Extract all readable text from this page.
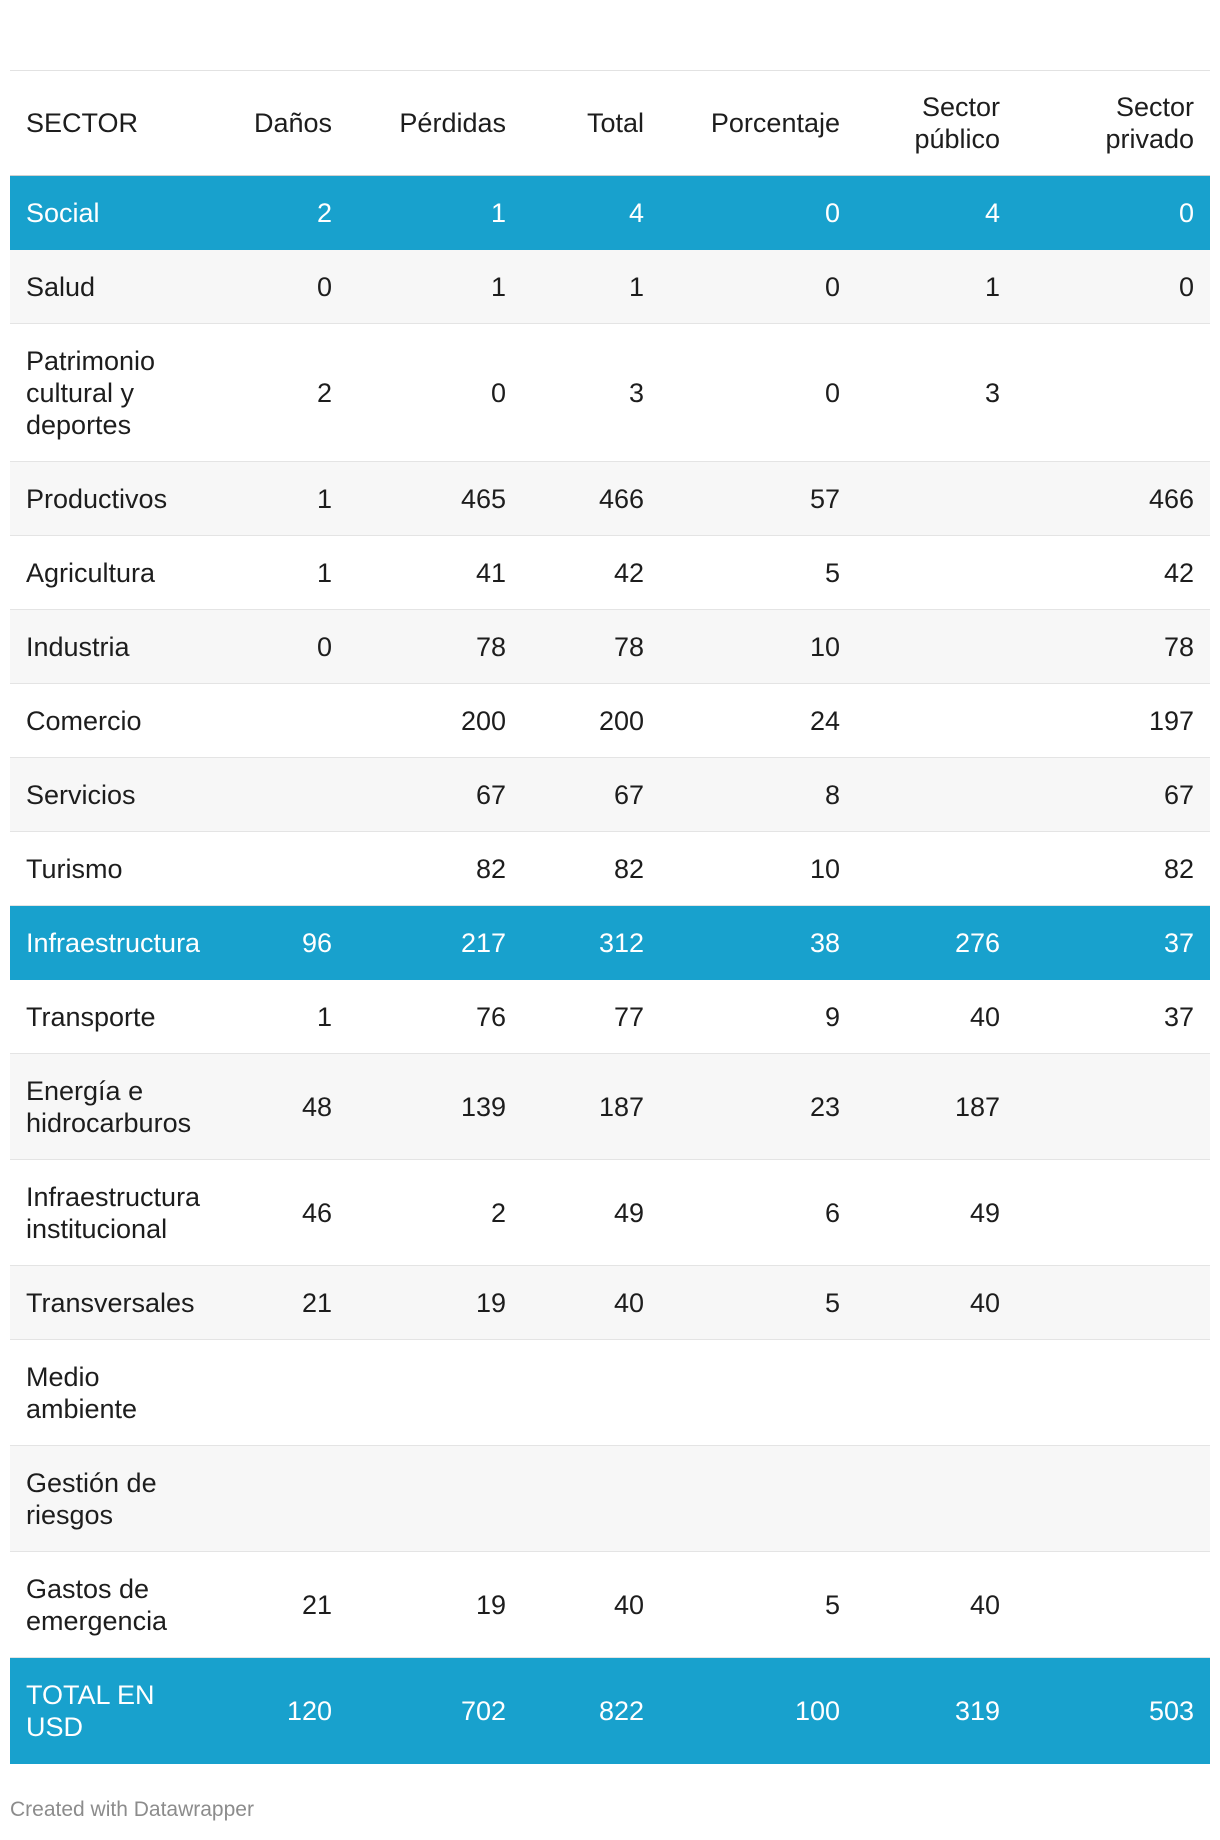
SECTOR	Daños	Pérdidas	Total	Porcentaje	Sector público	Sector privado
Social	2	1	4	0	4	0
Salud	0	1	1	0	1	0
Patrimonio cultural y deportes	2	0	3	0	3	
Productivos	1	465	466	57		466
Agricultura	1	41	42	5		42
Industria	0	78	78	10		78
Comercio		200	200	24		197
Servicios		67	67	8		67
Turismo		82	82	10		82
Infraestructura	96	217	312	38	276	37
Transporte	1	76	77	9	40	37
Energía e hidrocarburos	48	139	187	23	187	
Infraestructura institucional	46	2	49	6	49	
Transversales	21	19	40	5	40	
Medio ambiente						
Gestión de riesgos						
Gastos de emergencia	21	19	40	5	40	
TOTAL EN USD	120	702	822	100	319	503
Created with Datawrapper
